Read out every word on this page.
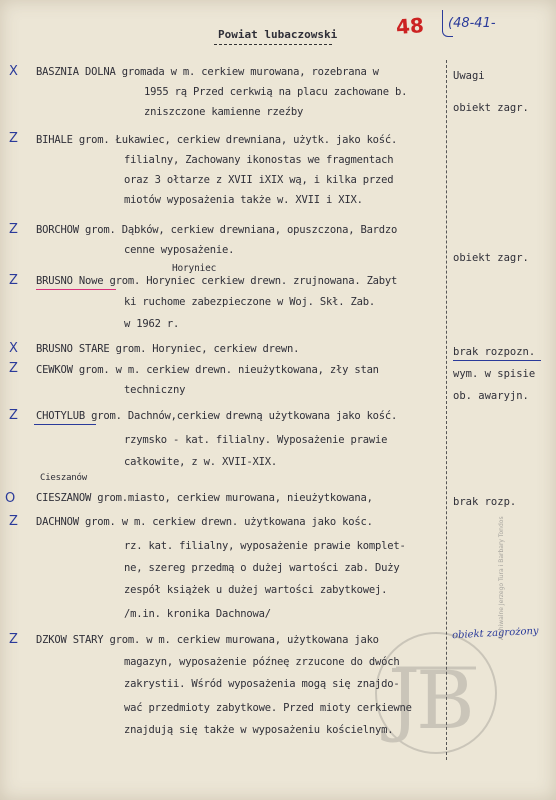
(48-41-
48
Powiat lubaczowski
X BASZNIA DOLNA gromada w m. cerkiew murowana, rozebrana w
1955 rą Przed cerkwią na placu zachowane b.
zniszczone kamienne rzeźby
Uwagi
obiekt zagr.
Z BIHALE grom. Łukawiec, cerkiew drewniana, użytk. jako kość.
filialny, Zachowany ikonostas we fragmentach
oraz 3 ołtarze z XVII iXIX wą, i kilka przed
miotów wyposażenia także w. XVII i XIX.
Z BORCHOW grom. Dąbków, cerkiew drewniana, opuszczona, Bardzo
cenne wyposażenie.
obiekt zagr.
Horyniec
Z BRUSNO Nowe grom. Horyniec cerkiew drewn. zrujnowana. Zabyt
ki ruchome zabezpieczone w Woj. Skł. Zab.
w 1962 r.
X BRUSNO STARE grom. Horyniec, cerkiew drewn.	brak rozpozn.
Z CEWKOW grom. w m. cerkiew drewn. nieużytkowana, zły stan
techniczny
wym. w spisie
ob. awaryjn.
Z CHOTYLUB grom. Dachnów,cerkiew drewną użytkowana jako kość.
rzymsko - kat. filialny. Wyposażenie prawie
całkowite, z w. XVII-XIX.
Cieszanów
O CIESZANOW grom.miasto, cerkiew murowana, nieużytkowana,	brak rozp.
Z DACHNOW grom. w m. cerkiew drewn. użytkowana jako kośc.
rz. kat. filialny, wyposażenie prawie komplet-
ne, szereg przedmą o dużej wartości zab. Duży
zespół książek u dużej wartości zabytkowej.
/m.in. kronika Dachnowa/
Z DZKOW STARY grom. w m. cerkiew murowana, użytkowana jako
magazyn, wyposażenie późneę zrzucone do dwóch
zakrystii. Wśród wyposażenia mogą się znajdo-
wać przedmioty zabytkowe. Przed mioty cerkiewne
znajdują się także w wyposażeniu kościelnym.
obiekt zagrożony
J
B
Archiwalne Jerzego Tura i Barbary Tondos
